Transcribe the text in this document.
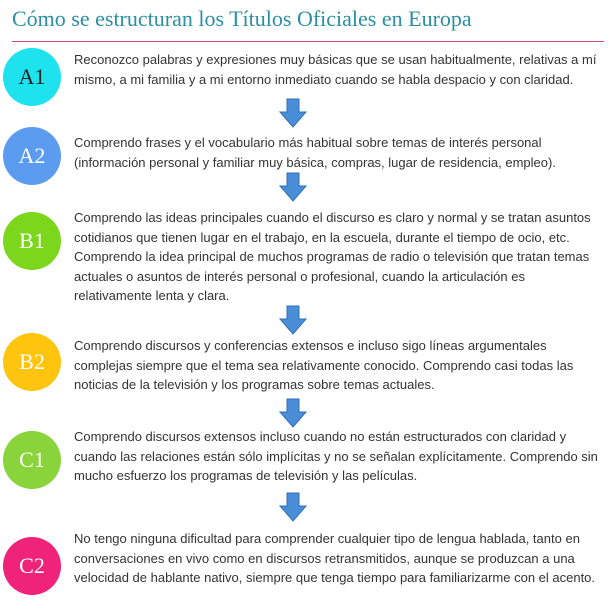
Cómo se estructuran los Títulos Oficiales en Europa
A1
Reconozco palabras y expresiones muy básicas que se usan habitualmente, relativas a mí mismo, a mi familia y a mi entorno inmediato cuando se habla despacio y con claridad.
A2
Comprendo frases y el vocabulario más habitual sobre temas de interés personal (información personal y familiar muy básica, compras, lugar de residencia, empleo).
B1
Comprendo las ideas principales cuando el discurso es claro y normal y se tratan asuntos cotidianos que tienen lugar en el trabajo, en la escuela, durante el tiempo de ocio, etc. Comprendo la idea principal de muchos programas de radio o televisión que tratan temas actuales o asuntos de interés personal o profesional, cuando la articulación es relativamente lenta y clara.
B2
Comprendo discursos y conferencias extensos e incluso sigo líneas argumentales complejas siempre que el tema sea relativamente conocido. Comprendo casi todas las noticias de la televisión y los programas sobre temas actuales.
C1
Comprendo discursos extensos incluso cuando no están estructurados con claridad y cuando las relaciones están sólo implícitas y no se señalan explícitamente. Comprendo sin mucho esfuerzo los programas de televisión y las películas.
C2
No tengo ninguna dificultad para comprender cualquier tipo de lengua hablada, tanto en conversaciones en vivo como en discursos retransmitidos, aunque se produzcan a una velocidad de hablante nativo, siempre que tenga tiempo para familiarizarme con el acento.
